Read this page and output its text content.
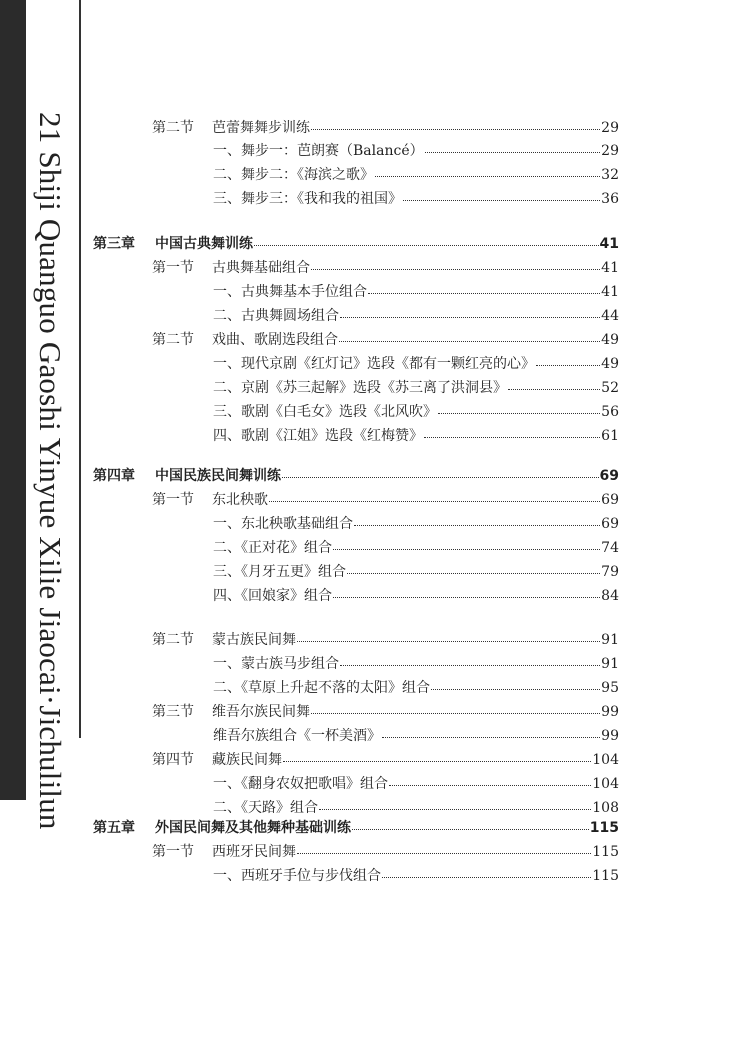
21 Shiji Quanguo Gaoshi Yinyue Xilie Jiaocai·Jichulilun	第二节	芭蕾舞舞步训练	29
一、舞步一：芭朗赛（Balancé）	29
二、舞步二：《海滨之歌》	32
三、舞步三：《我和我的祖国》	36
第三章	中国古典舞训练	41
第一节	古典舞基础组合	41
一、古典舞基本手位组合	41
二、古典舞圆场组合	44
第二节	戏曲、歌剧选段组合	49
一、现代京剧《红灯记》选段《都有一颗红亮的心》	49
二、京剧《苏三起解》选段《苏三离了洪洞县》	52
三、歌剧《白毛女》选段《北风吹》	56
四、歌剧《江姐》选段《红梅赞》	61
第四章	中国民族民间舞训练	69
第一节	东北秧歌	69
一、东北秧歌基础组合	69
二、《正对花》组合	74
三、《月牙五更》组合	79
四、《回娘家》组合	84
第二节	蒙古族民间舞	91
一、蒙古族马步组合	91
二、《草原上升起不落的太阳》组合	95
第三节	维吾尔族民间舞	99
维吾尔族组合《一杯美酒》	99
第四节	藏族民间舞	104
一、《翻身农奴把歌唱》组合	104
二、《天路》组合	108
第五章	外国民间舞及其他舞种基础训练	115
第一节	西班牙民间舞	115
一、西班牙手位与步伐组合	115
